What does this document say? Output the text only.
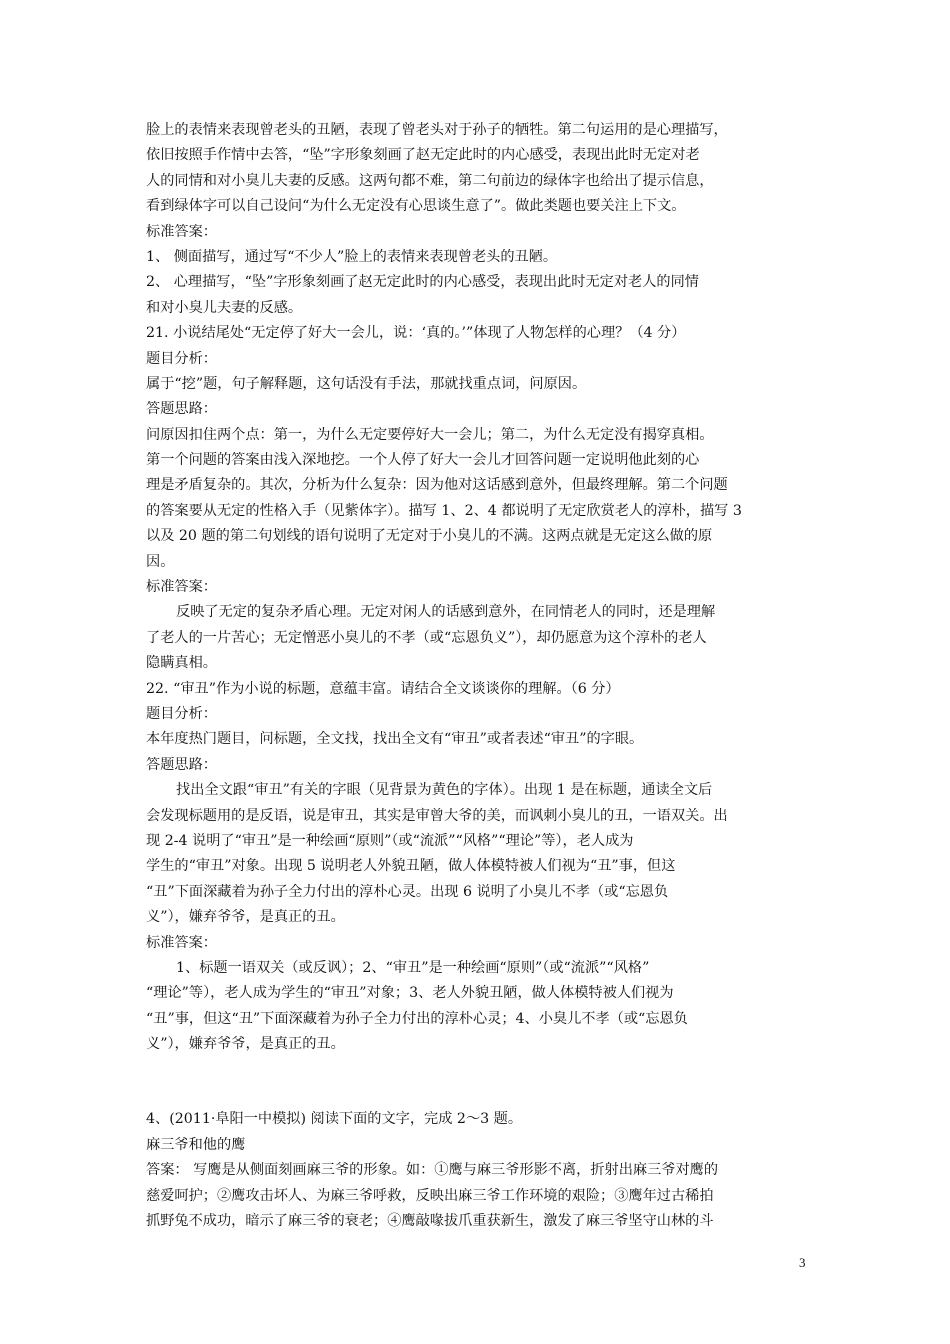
脸上的表情来表现曾老头的丑陋，表现了曾老头对于孙子的牺牲。第二句运用的是心理描写，
依旧按照手作情中去答，“坠”字形象刻画了赵无定此时的内心感受，表现出此时无定对老
人的同情和对小臭儿夫妻的反感。这两句都不难，第二句前边的绿体字也给出了提示信息，
看到绿体字可以自己设问“为什么无定没有心思谈生意了”。做此类题也要关注上下文。
标准答案：
1、 侧面描写，通过写“不少人”脸上的表情来表现曾老头的丑陋。
2、 心理描写，“坠”字形象刻画了赵无定此时的内心感受，表现出此时无定对老人的同情
和对小臭儿夫妻的反感。
21. 小说结尾处“无定停了好大一会儿，说：‘真的。’”体现了人物怎样的心理？（4 分）
题目分析：
属于“挖”题，句子解释题，这句话没有手法，那就找重点词，问原因。
答题思路：
问原因扣住两个点：第一，为什么无定要停好大一会儿；第二，为什么无定没有揭穿真相。
第一个问题的答案由浅入深地挖。一个人停了好大一会儿才回答问题一定说明他此刻的心
理是矛盾复杂的。其次，分析为什么复杂：因为他对这话感到意外，但最终理解。第二个问题
的答案要从无定的性格入手（见紫体字）。描写 1、2、4 都说明了无定欣赏老人的淳朴，描写 3
以及 20 题的第二句划线的语句说明了无定对于小臭儿的不满。这两点就是无定这么做的原
因。
标准答案：
反映了无定的复杂矛盾心理。无定对闲人的话感到意外，在同情老人的同时，还是理解
了老人的一片苦心；无定憎恶小臭儿的不孝（或“忘恩负义”），却仍愿意为这个淳朴的老人
隐瞒真相。
22. “审丑”作为小说的标题，意蕴丰富。请结合全文谈谈你的理解。（6 分）
题目分析：
本年度热门题目，问标题，全文找，找出全文有“审丑”或者表述“审丑”的字眼。
答题思路：
找出全文跟“审丑”有关的字眼（见背景为黄色的字体）。出现 1 是在标题，通读全文后
会发现标题用的是反语，说是审丑，其实是审曾大爷的美，而讽刺小臭儿的丑，一语双关。出
现 2-4 说明了“审丑”是一种绘画“原则”（或“流派”“风格”“理论”等），老人成为
学生的“审丑”对象。出现 5 说明老人外貌丑陋，做人体模特被人们视为“丑”事，但这
“丑”下面深藏着为孙子全力付出的淳朴心灵。出现 6 说明了小臭儿不孝（或“忘恩负
义”），嫌弃爷爷，是真正的丑。
标准答案：
1、标题一语双关（或反讽）；2、“审丑”是一种绘画“原则”（或“流派”“风格”
“理论”等），老人成为学生的“审丑”对象；3、老人外貌丑陋，做人体模特被人们视为
“丑”事，但这“丑”下面深藏着为孙子全力付出的淳朴心灵；4、小臭儿不孝（或“忘恩负
义”），嫌弃爷爷，是真正的丑。
4、(2011·阜阳一中模拟) 阅读下面的文字，完成 2～3 题。
麻三爷和他的鹰
答案： 写鹰是从侧面刻画麻三爷的形象。如：①鹰与麻三爷形影不离，折射出麻三爷对鹰的
慈爱呵护；②鹰攻击坏人、为麻三爷呼救，反映出麻三爷工作环境的艰险；③鹰年过古稀拍
抓野兔不成功，暗示了麻三爷的衰老；④鹰敲喙拔爪重获新生，激发了麻三爷坚守山林的斗
3
